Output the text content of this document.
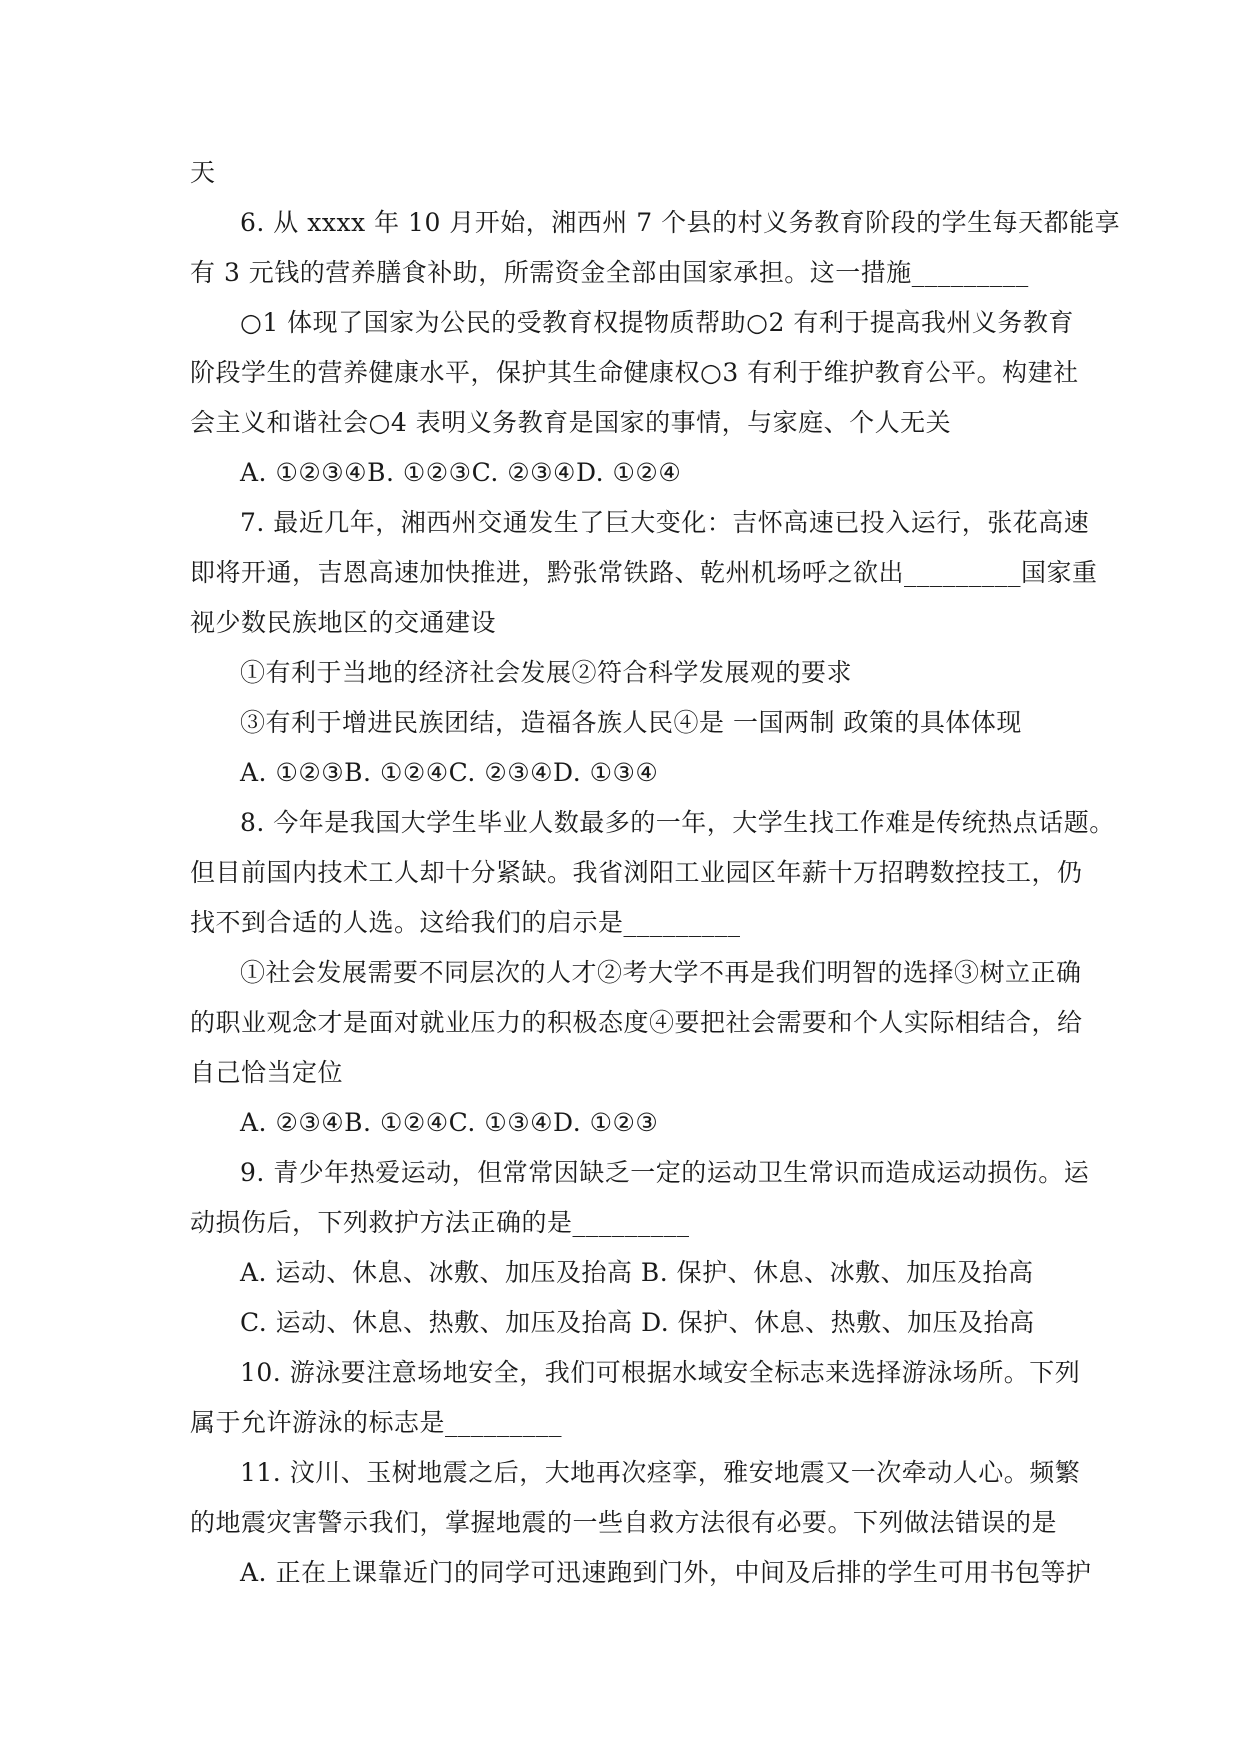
天
6. 从 xxxx 年 10 月开始，湘西州 7 个县的村义务教育阶段的学生每天都能享
有 3 元钱的营养膳食补助，所需资金全部由国家承担。这一措施_________
○1 体现了国家为公民的受教育权提物质帮助○2 有利于提高我州义务教育
阶段学生的营养健康水平，保护其生命健康权○3 有利于维护教育公平。构建社
会主义和谐社会○4 表明义务教育是国家的事情，与家庭、个人无关
A. ①②③④B. ①②③C. ②③④D. ①②④
7. 最近几年，湘西州交通发生了巨大变化：吉怀高速已投入运行，张花高速
即将开通，吉恩高速加快推进，黔张常铁路、乾州机场呼之欲出_________国家重
视少数民族地区的交通建设
①有利于当地的经济社会发展②符合科学发展观的要求
③有利于增进民族团结，造福各族人民④是 一国两制 政策的具体体现
A. ①②③B. ①②④C. ②③④D. ①③④
8. 今年是我国大学生毕业人数最多的一年，大学生找工作难是传统热点话题。
但目前国内技术工人却十分紧缺。我省浏阳工业园区年薪十万招聘数控技工，仍
找不到合适的人选。这给我们的启示是_________
①社会发展需要不同层次的人才②考大学不再是我们明智的选择③树立正确
的职业观念才是面对就业压力的积极态度④要把社会需要和个人实际相结合，给
自己恰当定位
A. ②③④B. ①②④C. ①③④D. ①②③
9. 青少年热爱运动，但常常因缺乏一定的运动卫生常识而造成运动损伤。运
动损伤后，下列救护方法正确的是_________
A. 运动、休息、冰敷、加压及抬高 B. 保护、休息、冰敷、加压及抬高
C. 运动、休息、热敷、加压及抬高 D. 保护、休息、热敷、加压及抬高
10. 游泳要注意场地安全，我们可根据水域安全标志来选择游泳场所。下列
属于允许游泳的标志是_________
11. 汶川、玉树地震之后，大地再次痉挛，雅安地震又一次牵动人心。频繁
的地震灾害警示我们，掌握地震的一些自救方法很有必要。下列做法错误的是
A. 正在上课靠近门的同学可迅速跑到门外，中间及后排的学生可用书包等护
